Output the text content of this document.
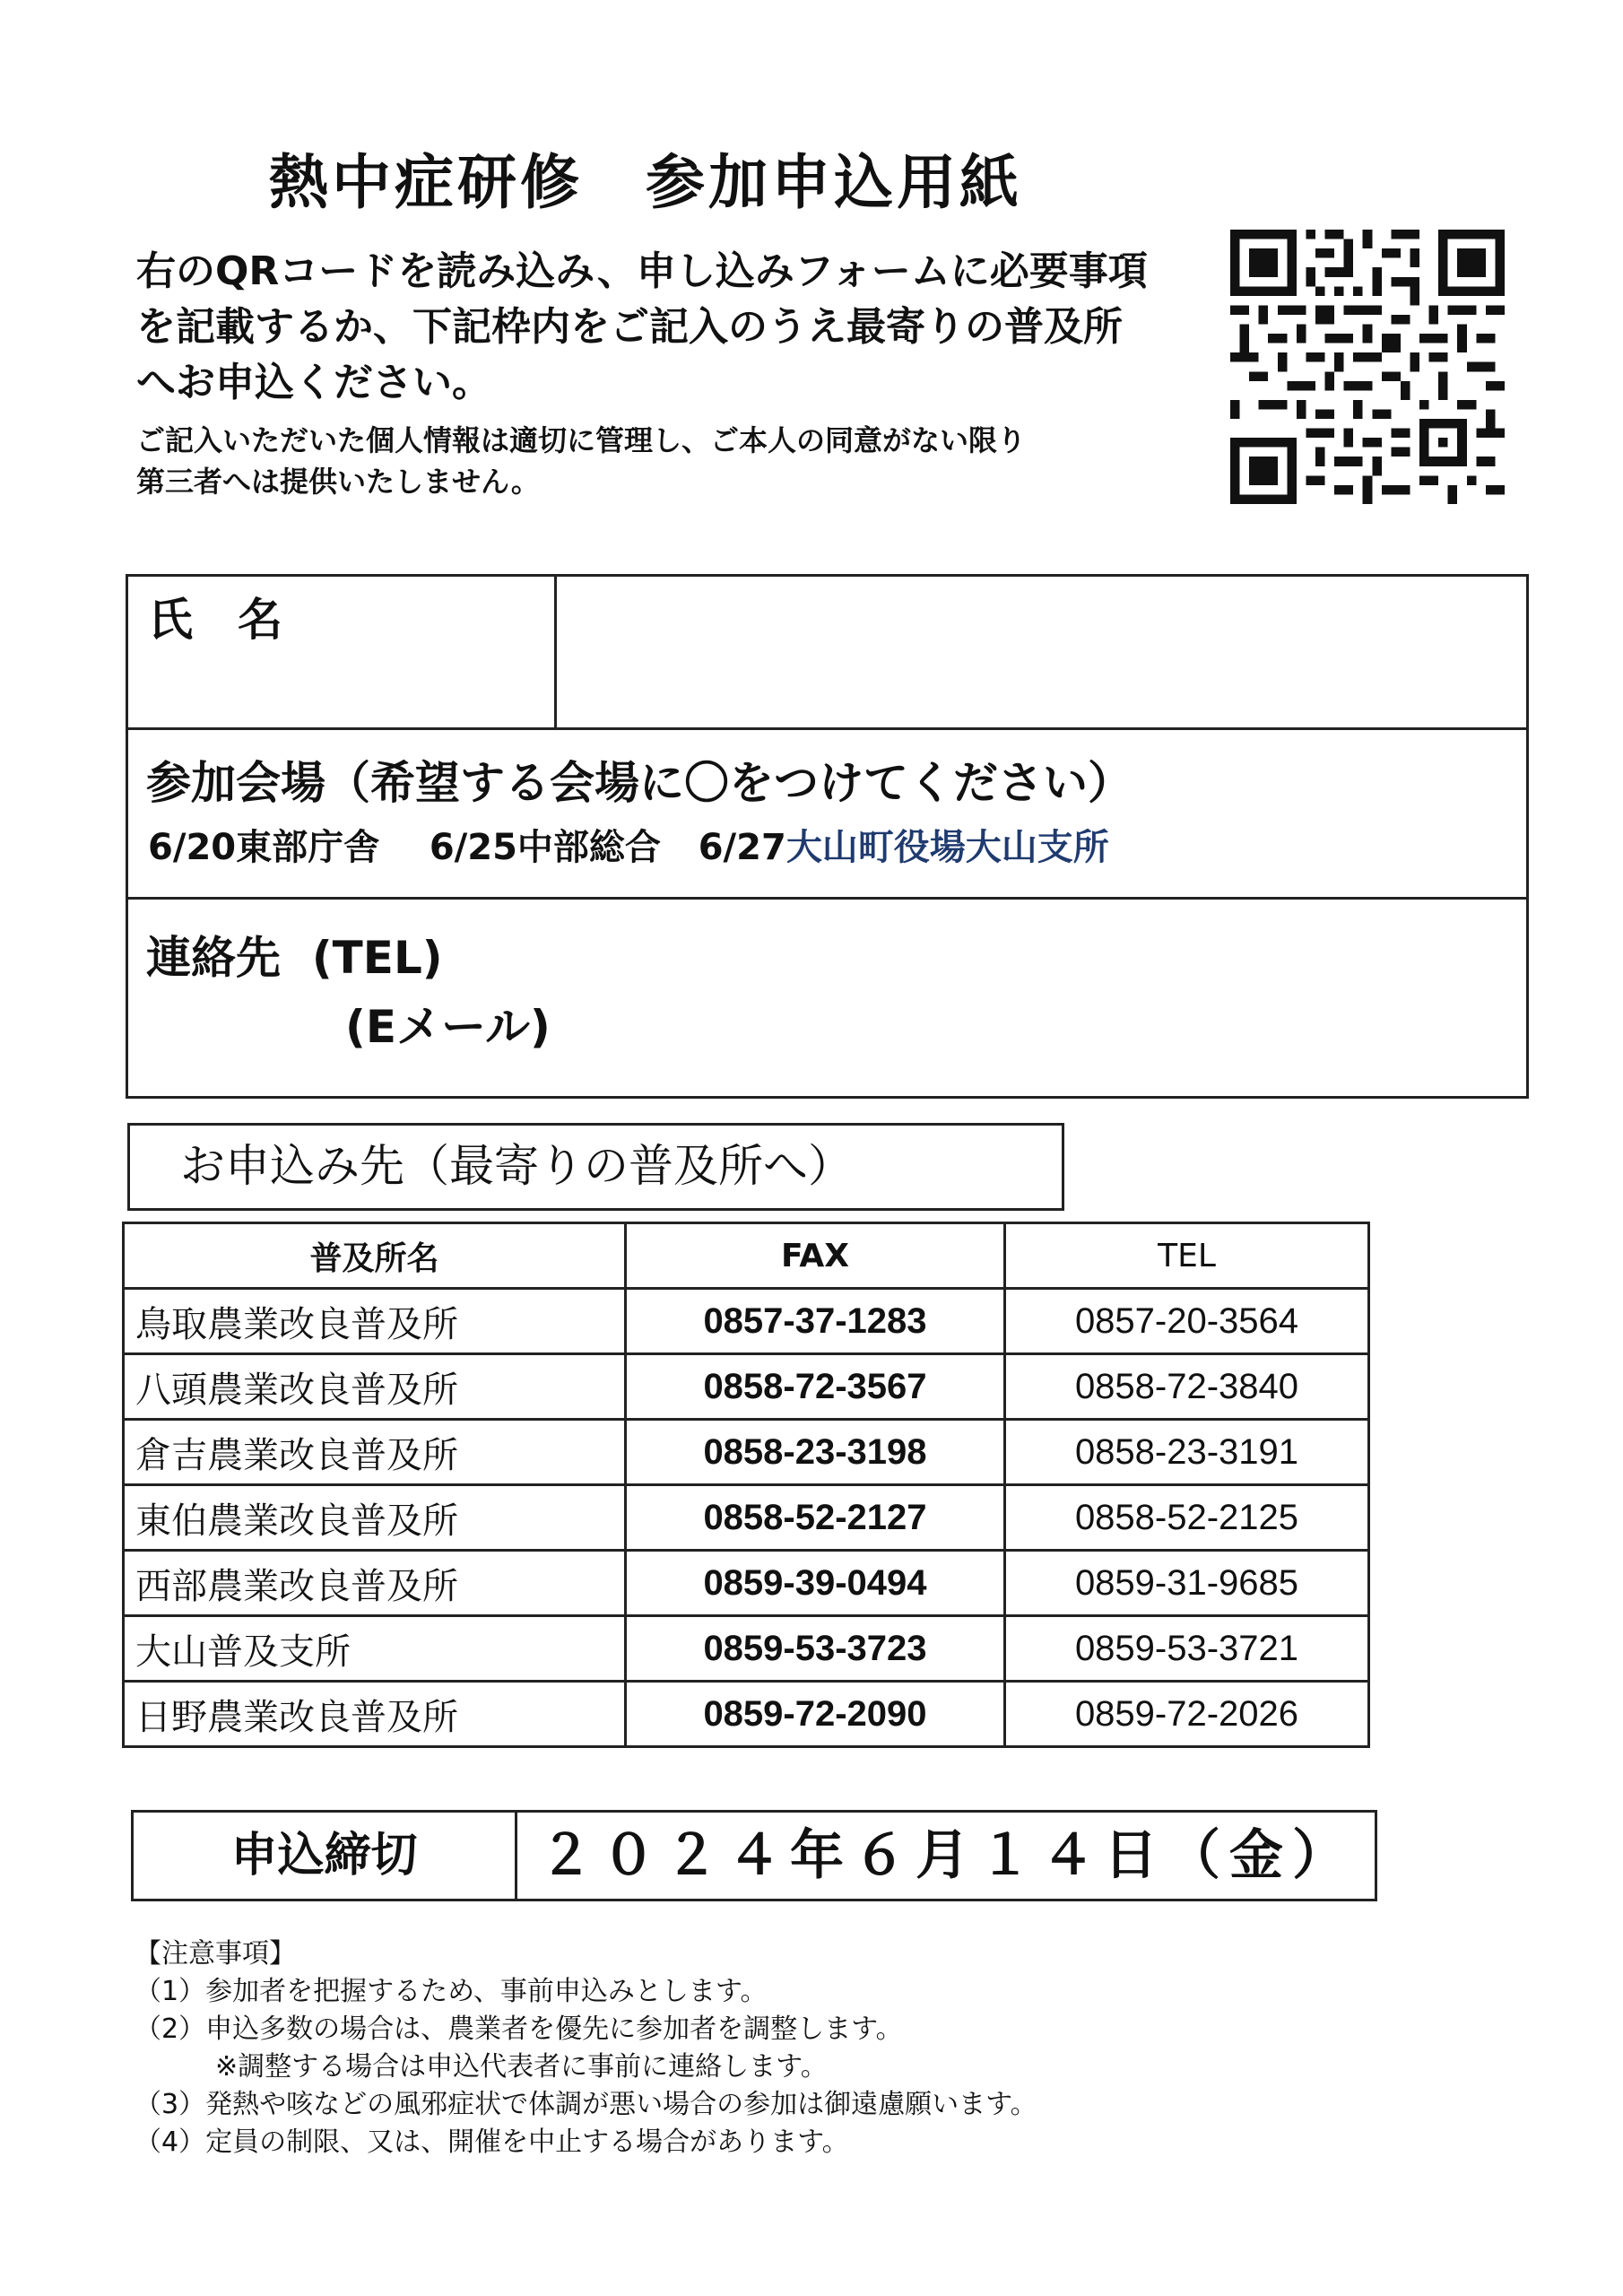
熱中症研修　参加申込用紙
右のQRコードを読み込み、申し込みフォームに必要事項
を記載するか、下記枠内をご記入のうえ最寄りの普及所
へお申込ください。
ご記入いただいた個人情報は適切に管理し、ご本人の同意がない限り
第三者へは提供いたしません。
氏　名
参加会場（希望する会場に〇をつけてください）
6/20東部庁舎 6/25中部総合 6/27大山町役場大山支所
連絡先 (TEL)
(Eメール)
お申込み先（最寄りの普及所へ）
普及所名	FAX	TEL
鳥取農業改良普及所	0857-37-1283	0857-20-3564
八頭農業改良普及所	0858-72-3567	0858-72-3840
倉吉農業改良普及所	0858-23-3198	0858-23-3191
東伯農業改良普及所	0858-52-2127	0858-52-2125
西部農業改良普及所	0859-39-0494	0859-31-9685
大山普及支所	0859-53-3723	0859-53-3721
日野農業改良普及所	0859-72-2090	0859-72-2026
申込締切	２０２４年６月１４日（金）
【注意事項】
（1）参加者を把握するため、事前申込みとします。
（2）申込多数の場合は、農業者を優先に参加者を調整します。
　　　※調整する場合は申込代表者に事前に連絡します。
（3）発熱や咳などの風邪症状で体調が悪い場合の参加は御遠慮願います。
（4）定員の制限、又は、開催を中止する場合があります。
